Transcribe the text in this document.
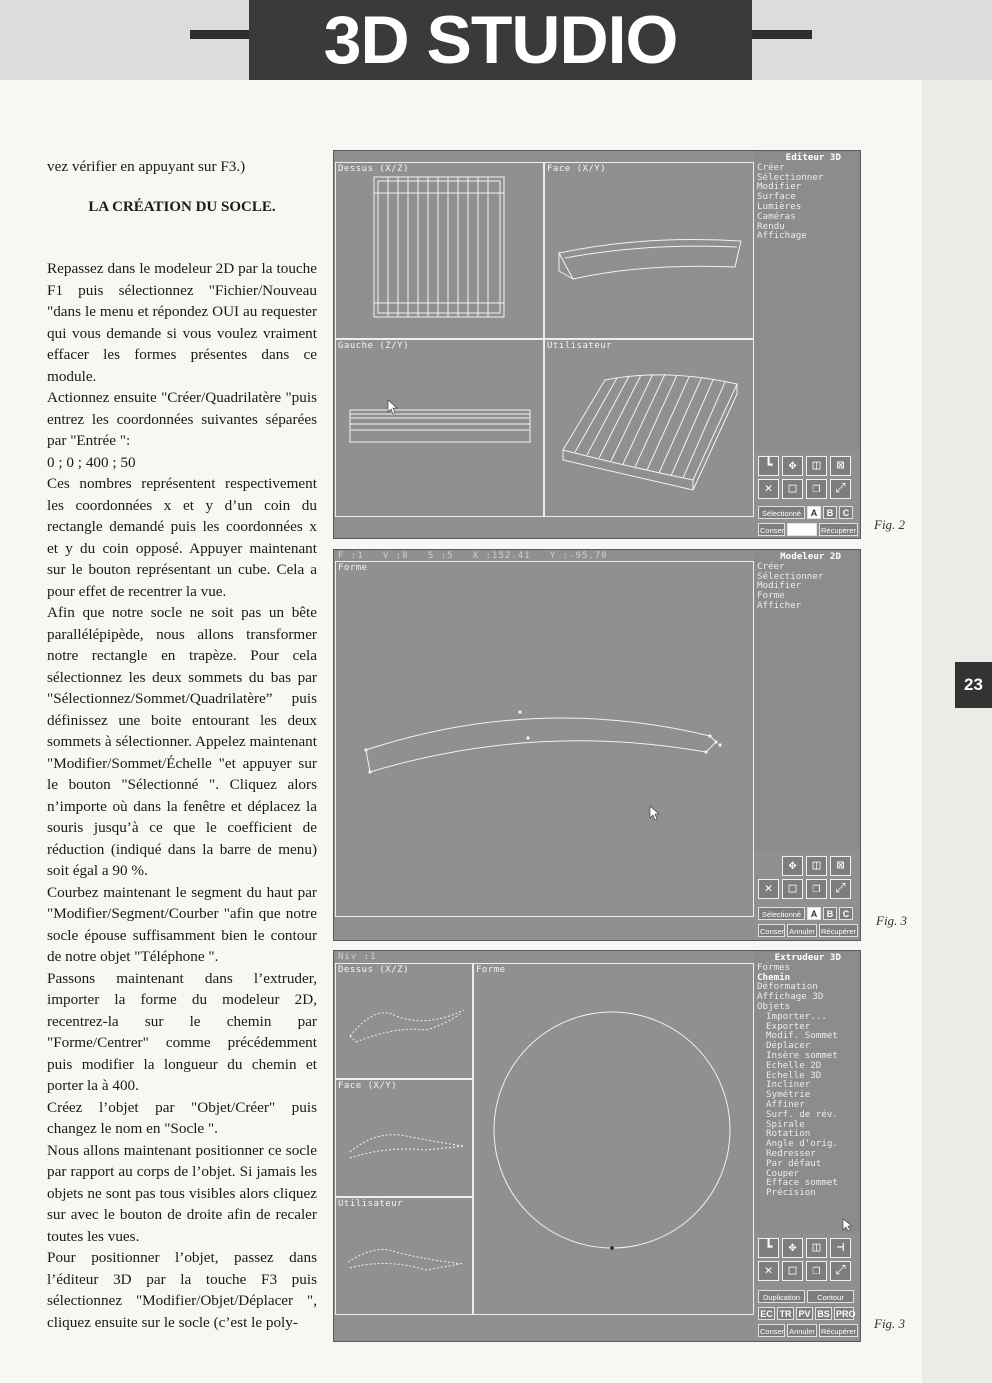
3D STUDIO
23

vez vérifier en appuyant sur F3.)

LA CRÉATION DU SOCLE.

Repassez dans le modeleur 2D par la touche F1 puis sélectionnez "Fichier/Nouveau "dans le menu et répondez OUI au requester qui vous demande si vous voulez vraiment effacer les formes présentes dans ce module.

Actionnez ensuite "Créer/Quadrilatère "puis entrez les coordonnées suivantes séparées par "Entrée ":

0 ; 0 ; 400 ; 50

Ces nombres représentent respectivement les coordonnées x et y d’un coin du rectangle demandé puis les coordonnées x et y du coin opposé. Appuyer maintenant sur le bouton représentant un cube. Cela a pour effet de recentrer la vue.

Afin que notre socle ne soit pas un bête parallélépipède, nous allons transformer notre rectangle en trapèze. Pour cela sélectionnez les deux sommets du bas par "Sélectionnez/Sommet/Quadrilatère” puis définissez une boite entourant les deux sommets à sélectionner. Appelez maintenant "Modifier/Sommet/Échelle "et appuyer sur le bouton "Sélectionné ". Cliquez alors n’importe où dans la fenêtre et déplacez la souris jusqu’à ce que le coefficient de réduction (indiqué dans la barre de menu) soit égal a 90 %.

Courbez maintenant le segment du haut par "Modifier/Segment/Courber "afin que notre socle épouse suffisamment bien le contour de notre objet "Téléphone ".

Passons maintenant dans l’extruder, importer la forme du modeleur 2D, recentrez-la sur le chemin par "Forme/Centrer" comme précédemment puis modifier la longueur du chemin et porter la à 400.

Créez l’objet par "Objet/Créer" puis changez le nom en "Socle ".

Nous allons maintenant positionner ce socle par rapport au corps de l’objet. Si jamais les objets ne sont pas tous visibles alors cliquez sur avec le bouton de droite afin de recaler toutes les vues.

Pour positionner l’objet, passez dans l’éditeur 3D par la touche F3 puis sélectionnez "Modifier/Objet/Déplacer ", cliquez ensuite sur le socle (c’est le poly-

Dessus (X/Z)	Face (X/Y)
Gauche (Z/Y)	Utilisateur
Editeur 3D
Créer
Sélectionner
Modifier
Surface
Lumières
Caméras
Rendu
Affichage
┗	✥	◫	⊠
✕	□	❒	⤢
Sélectionné	A	B	C
Conser	Récupérer Fig. 2
F :1   V :8   S :5   X :152.41   Y :-95.70
Forme
Modeleur 2D
Créer
Sélectionner
Modifier
Forme
Afficher
✥	◫	⊠
✕	□	❒	⤢
Sélectionné	A	B	C
Conser Annuler Récupérer
Fig. 3
Niv :1
Dessus (X/Z)
Face (X/Y)
Utilisateur
Forme
Extrudeur 3D
Formes
Chemin
Déformation
Affichage 3D
Objets
Importer...
Exporter
Modif. Sommet
Déplacer
Insère sommet
Echelle 2D
Echelle 3D
Incliner
Symétrie
Affiner
Surf. de rév.
Spirale
Rotation
Angle d'orig.
Redresser
Par défaut
Couper
Efface sommet
Précision
┗	✥	◫	⊣
✕	□	❒	⤢
Duplication	Contour
EC TR PV BS PRO
Conser Annuler Récupérer
Fig. 3
